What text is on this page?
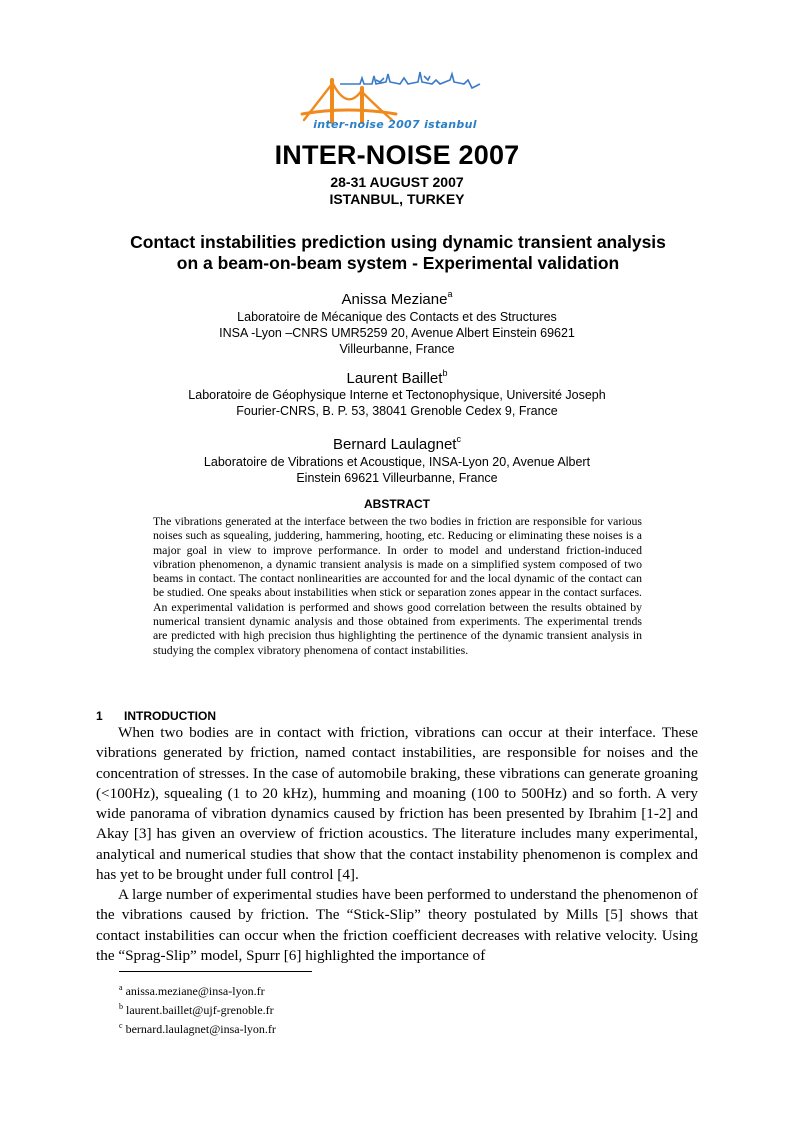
inter-noise 2007 istanbul
INTER-NOISE 2007
28-31 AUGUST 2007
ISTANBUL, TURKEY
Contact instabilities prediction using dynamic transient analysis
on a beam-on-beam system - Experimental validation
Anissa Meziane$^a$
Laboratoire de Mécanique des Contacts et des Structures
INSA -Lyon –CNRS UMR5259 20, Avenue Albert Einstein 69621
Villeurbanne, France
Laurent Baillet$^b$
Laboratoire de Géophysique Interne et Tectonophysique, Université Joseph
Fourier-CNRS, B. P. 53, 38041 Grenoble Cedex 9, France
Bernard Laulagnet$^c$
Laboratoire de Vibrations et Acoustique, INSA-Lyon 20, Avenue Albert
Einstein 69621 Villeurbanne, France
ABSTRACT
The vibrations generated at the interface between the two bodies in friction are responsible for various noises such as squealing, juddering, hammering, hooting, etc. Reducing or eliminating these noises is a major goal in view to improve performance. In order to model and understand friction-induced vibration phenomenon, a dynamic transient analysis is made on a simplified system composed of two beams in contact. The contact nonlinearities are accounted for and the local dynamic of the contact can be studied. One speaks about instabilities when stick or separation zones appear in the contact surfaces. An experimental validation is performed and shows good correlation between the results obtained by numerical transient dynamic analysis and those obtained from experiments. The experimental trends are predicted with high precision thus highlighting the pertinence of the dynamic transient analysis in studying the complex vibratory phenomena of contact instabilities.
1 INTRODUCTION

When two bodies are in contact with friction, vibrations can occur at their interface. These vibrations generated by friction, named contact instabilities, are responsible for noises and the concentration of stresses. In the case of automobile braking, these vibrations can generate groaning (<100Hz), squealing (1 to 20 kHz), humming and moaning (100 to 500Hz) and so forth. A very wide panorama of vibration dynamics caused by friction has been presented by Ibrahim [1-2] and Akay [3] has given an overview of friction acoustics. The literature includes many experimental, analytical and numerical studies that show that the contact instability phenomenon is complex and has yet to be brought under full control [4].

A large number of experimental studies have been performed to understand the phenomenon of the vibrations caused by friction. The “Stick-Slip” theory postulated by Mills [5] shows that contact instabilities can occur when the friction coefficient decreases with relative velocity. Using the “Sprag-Slip” model, Spurr [6] highlighted the importance of

$^a$ anissa.meziane@insa-lyon.fr
$^b$ laurent.baillet@ujf-grenoble.fr
$^c$ bernard.laulagnet@insa-lyon.fr
